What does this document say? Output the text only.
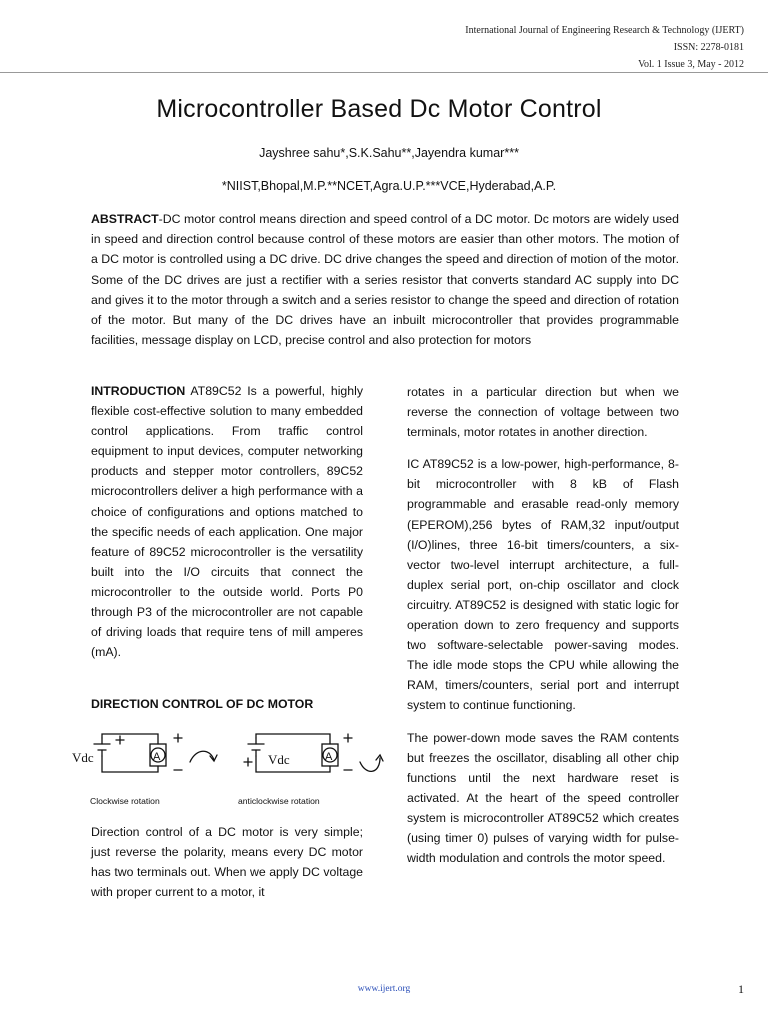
International Journal of Engineering Research & Technology (IJERT)
ISSN: 2278-0181
Vol. 1 Issue 3, May - 2012
Microcontroller Based Dc Motor Control
Jayshree sahu*,S.K.Sahu**,Jayendra kumar***
*NIIST,Bhopal,M.P.**NCET,Agra.U.P.***VCE,Hyderabad,A.P.
ABSTRACT-DC motor control means direction and speed control of a DC motor. Dc motors are widely used in speed and direction control because control of these motors are easier than other motors. The motion of a DC motor is controlled using a DC drive. DC drive changes the speed and direction of motion of the motor. Some of the DC drives are just a rectifier with a series resistor that converts standard AC supply into DC and gives it to the motor through a switch and a series resistor to change the speed and direction of rotation of the motor. But many of the DC drives have an inbuilt microcontroller that provides programmable facilities, message display on LCD, precise control and also protection for motors

INTRODUCTION AT89C52 Is a powerful, highly flexible cost-effective solution to many embedded control applications. From traffic control equipment to input devices, computer networking products and stepper motor controllers, 89C52 microcontrollers deliver a high performance with a choice of configurations and options matched to the specific needs of each application. One major feature of 89C52 microcontroller is the versatility built into the I/O circuits that connect the microcontroller to the outside world. Ports P0 through P3 of the microcontroller are not capable of driving loads that require tens of mill amperes (mA).

DIRECTION CONTROL OF DC MOTOR
Vdc	Vdc
A	A
Clockwise rotation	anticlockwise rotation

Direction control of a DC motor is very simple; just reverse the polarity, means every DC motor has two terminals out. When we apply DC voltage with proper current to a motor, it

rotates in a particular direction but when we reverse the connection of voltage between two terminals, motor rotates in another direction.

IC AT89C52 is a low-power, high-performance, 8-bit microcontroller with 8 kB of Flash programmable and erasable read-only memory (EPEROM),256 bytes of RAM,32 input/output (I/O)lines, three 16-bit timers/counters, a six-vector two-level interrupt architecture, a full-duplex serial port, on-chip oscillator and clock circuitry. AT89C52 is designed with static logic for operation down to zero frequency and supports two software-selectable power-saving modes. The idle mode stops the CPU while allowing the RAM, timers/counters, serial port and interrupt system to continue functioning.

The power-down mode saves the RAM contents but freezes the oscillator, disabling all other chip functions until the next hardware reset is activated. At the heart of the speed controller system is microcontroller AT89C52 which creates (using timer 0) pulses of varying width for pulse-width modulation and controls the motor speed.

www.ijert.org	1
